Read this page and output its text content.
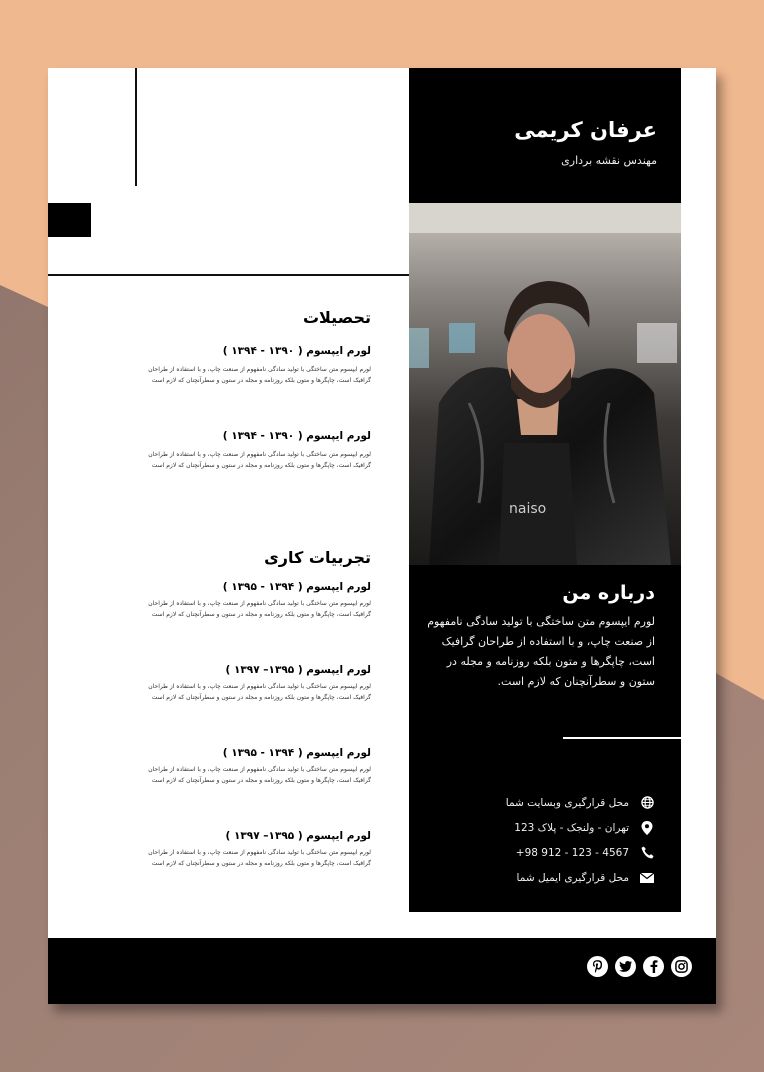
تحصیلات
لورم ایپسوم ( ۱۳۹۰ - ۱۳۹۴ )
لورم ایپسوم متن ساختگی با تولید سادگی نامفهوم از صنعت چاپ، و با استفاده از طراحان گرافیک است، چاپگرها و متون بلکه روزنامه و مجله در ستون و سطرآنچنان که لازم است
لورم ایپسوم ( ۱۳۹۰ - ۱۳۹۴ )
لورم ایپسوم متن ساختگی با تولید سادگی نامفهوم از صنعت چاپ، و با استفاده از طراحان گرافیک است، چاپگرها و متون بلکه روزنامه و مجله در ستون و سطرآنچنان که لازم است
تجربیات کاری
لورم ایپسوم ( ۱۳۹۴ - ۱۳۹۵ )
لورم ایپسوم متن ساختگی با تولید سادگی نامفهوم از صنعت چاپ، و با استفاده از طراحان گرافیک است، چاپگرها و متون بلکه روزنامه و مجله در ستون و سطرآنچنان که لازم است
لورم ایپسوم ( ۱۳۹۵– ۱۳۹۷ )
لورم ایپسوم متن ساختگی با تولید سادگی نامفهوم از صنعت چاپ، و با استفاده از طراحان گرافیک است، چاپگرها و متون بلکه روزنامه و مجله در ستون و سطرآنچنان که لازم است
لورم ایپسوم ( ۱۳۹۴ - ۱۳۹۵ )
لورم ایپسوم متن ساختگی با تولید سادگی نامفهوم از صنعت چاپ، و با استفاده از طراحان گرافیک است، چاپگرها و متون بلکه روزنامه و مجله در ستون و سطرآنچنان که لازم است
لورم ایپسوم ( ۱۳۹۵– ۱۳۹۷ )
لورم ایپسوم متن ساختگی با تولید سادگی نامفهوم از صنعت چاپ، و با استفاده از طراحان گرافیک است، چاپگرها و متون بلکه روزنامه و مجله در ستون و سطرآنچنان که لازم است
عرفان کریمی
مهندس نقشه برداری
naiso
درباره من
لورم ایپسوم متن ساختگی با تولید سادگی نامفهوم از صنعت چاپ، و با استفاده از طراحان گرافیک است، چاپگرها و متون بلکه روزنامه و مجله در ستون و سطرآنچنان که لازم است.
محل قرارگیری وبسایت شما
تهران - ولنجک - پلاک 123
+98 912 - 123 - 4567
محل قرارگیری ایمیل شما
